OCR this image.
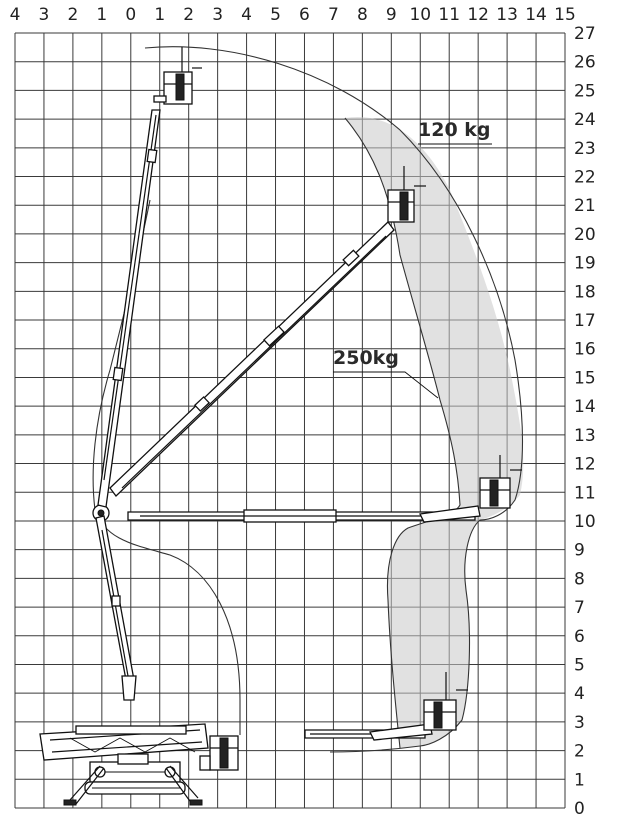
4 3 2 1 0 1 2 3 4 5 6 7 8 9 10 11 12 13 14 15
27
26
25
24
23
22
21
20
19
18
17
16
15
14
13
12
11
10
9
8
7
6
5
4
3
2
1
0
120 kg
250kg
